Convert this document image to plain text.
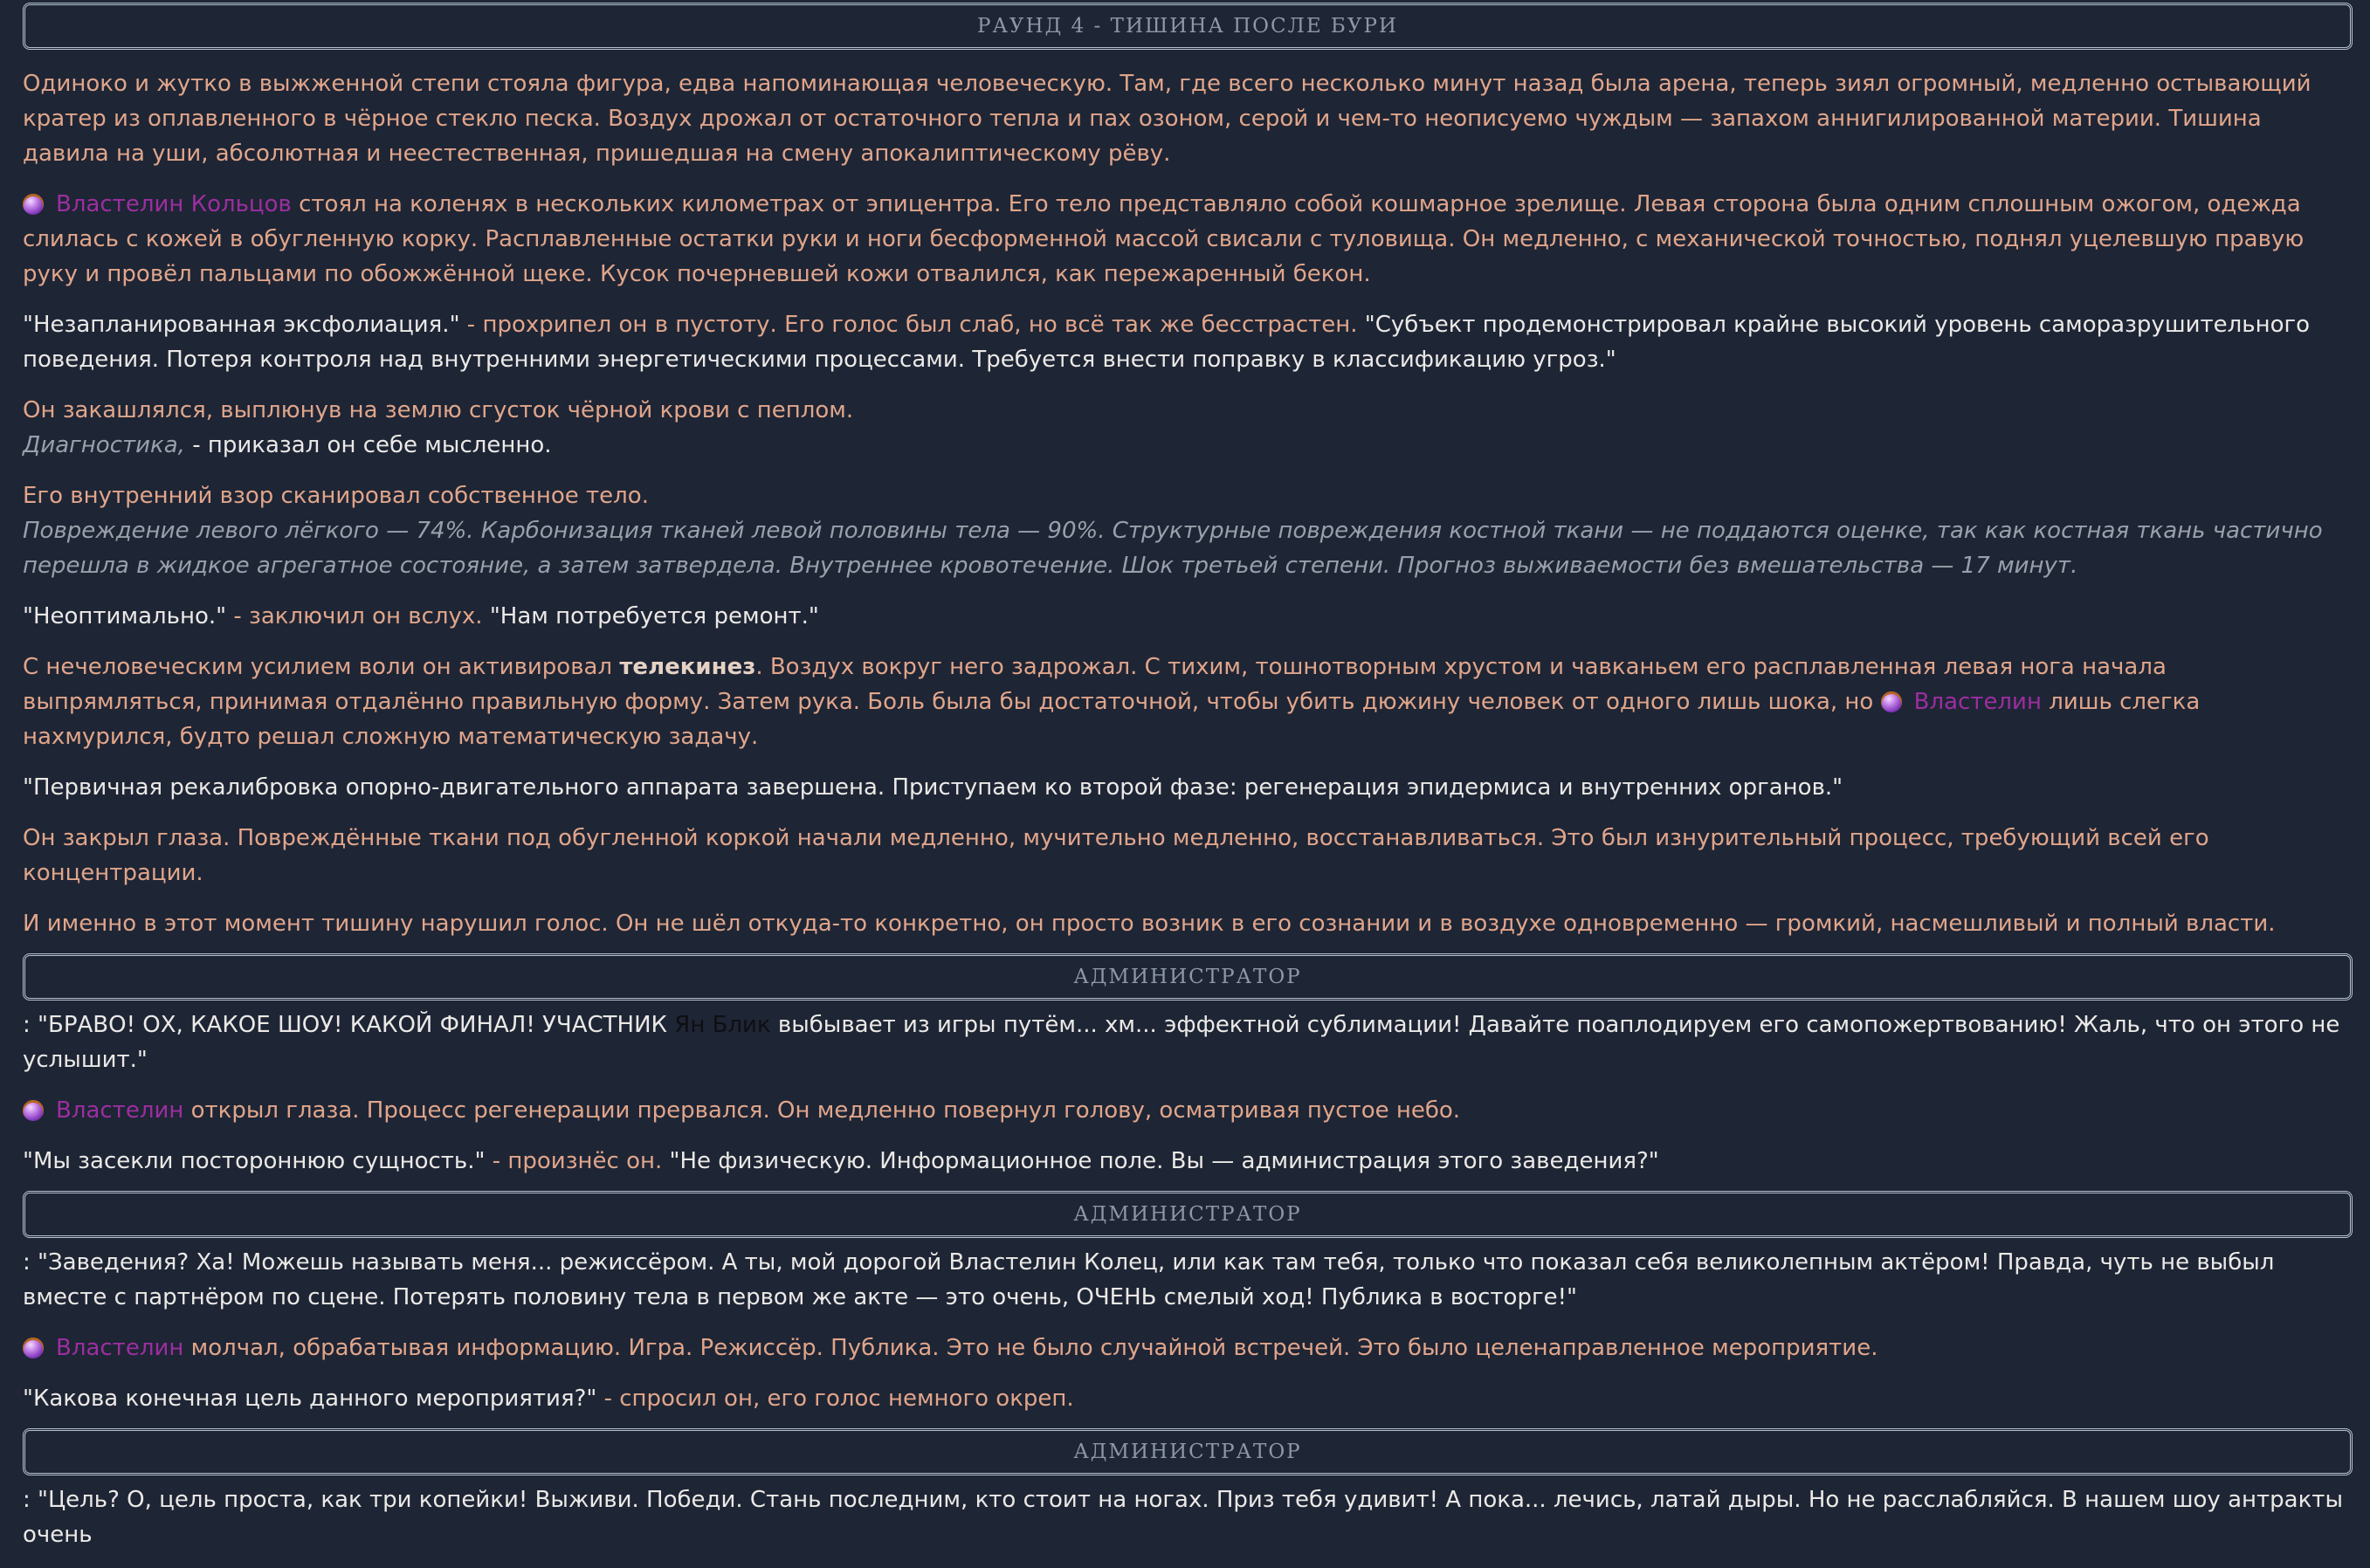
РАУНД 4 - ТИШИНА ПОСЛЕ БУРИ

Одиноко и жутко в выжженной степи стояла фигура, едва напоминающая человеческую. Там, где всего несколько минут назад была арена, теперь зиял огромный, медленно остывающий кратер из оплавленного в чёрное стекло песка. Воздух дрожал от остаточного тепла и пах озоном, серой и чем-то неописуемо чуждым — запахом аннигилированной материи. Тишина давила на уши, абсолютная и неестественная, пришедшая на смену апокалиптическому рёву.

Властелин Кольцов стоял на коленях в нескольких километрах от эпицентра. Его тело представляло собой кошмарное зрелище. Левая сторона была одним сплошным ожогом, одежда слилась с кожей в обугленную корку. Расплавленные остатки руки и ноги бесформенной массой свисали с туловища. Он медленно, с механической точностью, поднял уцелевшую правую руку и провёл пальцами по обожжённой щеке. Кусок почерневшей кожи отвалился, как пережаренный бекон.

"Незапланированная эксфолиация." - прохрипел он в пустоту. Его голос был слаб, но всё так же бесстрастен. "Субъект продемонстрировал крайне высокий уровень саморазрушительного поведения. Потеря контроля над внутренними энергетическими процессами. Требуется внести поправку в классификацию угроз."

Он закашлялся, выплюнув на землю сгусток чёрной крови с пеплом.
Диагностика, - приказал он себе мысленно.

Его внутренний взор сканировал собственное тело.
Повреждение левого лёгкого — 74%. Карбонизация тканей левой половины тела — 90%. Структурные повреждения костной ткани — не поддаются оценке, так как костная ткань частично перешла в жидкое агрегатное состояние, а затем затвердела. Внутреннее кровотечение. Шок третьей степени. Прогноз выживаемости без вмешательства — 17 минут.

"Неоптимально." - заключил он вслух. "Нам потребуется ремонт."

С нечеловеческим усилием воли он активировал телекинез. Воздух вокруг него задрожал. С тихим, тошнотворным хрустом и чавканьем его расплавленная левая нога начала выпрямляться, принимая отдалённо правильную форму. Затем рука. Боль была бы достаточной, чтобы убить дюжину человек от одного лишь шока, но Властелин лишь слегка нахмурился, будто решал сложную математическую задачу.

"Первичная рекалибровка опорно-двигательного аппарата завершена. Приступаем ко второй фазе: регенерация эпидермиса и внутренних органов."

Он закрыл глаза. Повреждённые ткани под обугленной коркой начали медленно, мучительно медленно, восстанавливаться. Это был изнурительный процесс, требующий всей его концентрации.

И именно в этот момент тишину нарушил голос. Он не шёл откуда-то конкретно, он просто возник в его сознании и в воздухе одновременно — громкий, насмешливый и полный власти.

АДМИНИСТРАТОР

: "БРАВО! ОХ, КАКОЕ ШОУ! КАКОЙ ФИНАЛ! УЧАСТНИК Ян Блик выбывает из игры путём... хм... эффектной сублимации! Давайте поаплодируем его самопожертвованию! Жаль, что он этого не услышит."

Властелин открыл глаза. Процесс регенерации прервался. Он медленно повернул голову, осматривая пустое небо.

"Мы засекли постороннюю сущность." - произнёс он. "Не физическую. Информационное поле. Вы — администрация этого заведения?"

АДМИНИСТРАТОР

: "Заведения? Ха! Можешь называть меня... режиссёром. А ты, мой дорогой Властелин Колец, или как там тебя, только что показал себя великолепным актёром! Правда, чуть не выбыл вместе с партнёром по сцене. Потерять половину тела в первом же акте — это очень, ОЧЕНЬ смелый ход! Публика в восторге!"

Властелин молчал, обрабатывая информацию. Игра. Режиссёр. Публика. Это не было случайной встречей. Это было целенаправленное мероприятие.

"Какова конечная цель данного мероприятия?" - спросил он, его голос немного окреп.

АДМИНИСТРАТОР

: "Цель? О, цель проста, как три копейки! Выживи. Победи. Стань последним, кто стоит на ногах. Приз тебя удивит! А пока... лечись, латай дыры. Но не расслабляйся. В нашем шоу антракты очень
